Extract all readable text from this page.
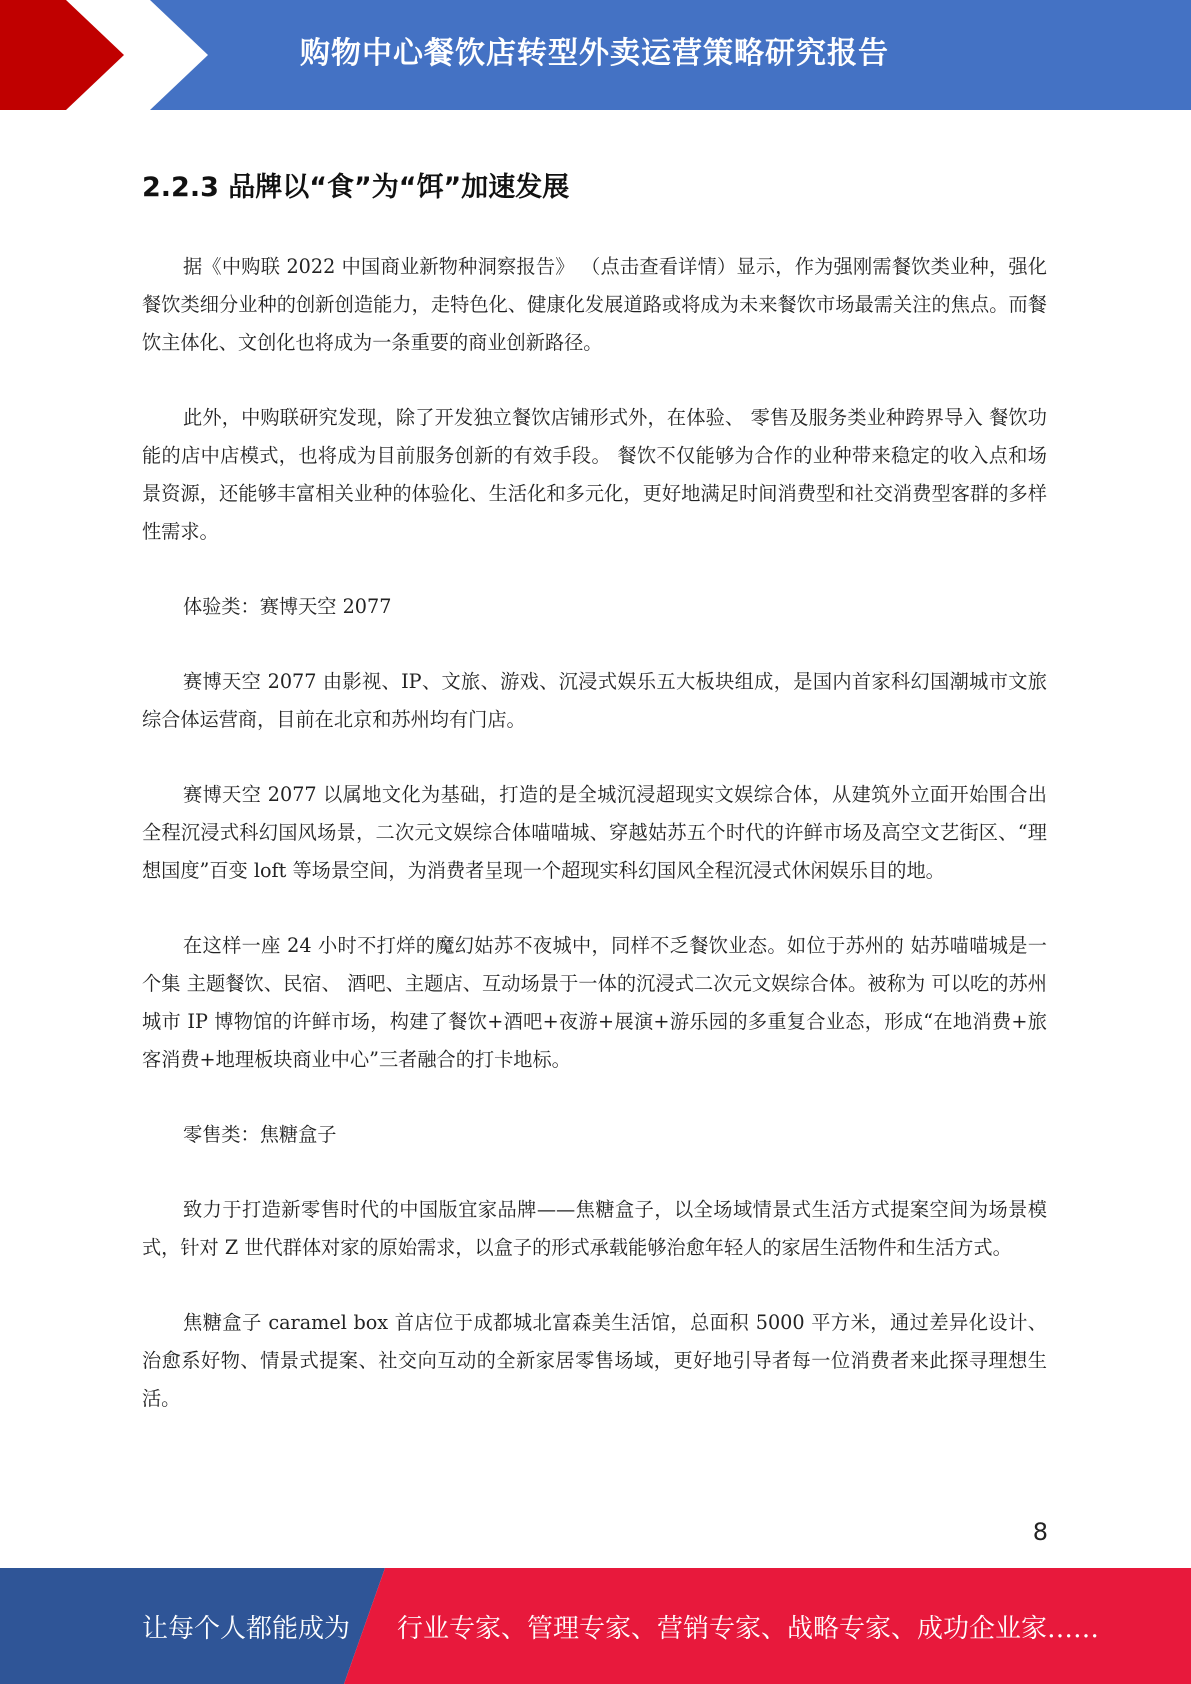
购物中心餐饮店转型外卖运营策略研究报告
2.2.3 品牌以“食”为“饵”加速发展

据《中购联 2022 中国商业新物种洞察报告》 （点击查看详情）显示，作为强刚需餐饮类业种，强化餐饮类细分业种的创新创造能力，走特色化、健康化发展道路或将成为未来餐饮市场最需关注的焦点。而餐饮主体化、文创化也将成为一条重要的商业创新路径。

此外，中购联研究发现，除了开发独立餐饮店铺形式外，在体验、 零售及服务类业种跨界导入 餐饮功能的店中店模式，也将成为目前服务创新的有效手段。 餐饮不仅能够为合作的业种带来稳定的收入点和场景资源，还能够丰富相关业种的体验化、生活化和多元化，更好地满足时间消费型和社交消费型客群的多样性需求。

体验类：赛博天空 2077

赛博天空 2077 由影视、IP、文旅、游戏、沉浸式娱乐五大板块组成，是国内首家科幻国潮城市文旅综合体运营商，目前在北京和苏州均有门店。

赛博天空 2077 以属地文化为基础，打造的是全城沉浸超现实文娱综合体，从建筑外立面开始围合出全程沉浸式科幻国风场景，二次元文娱综合体喵喵城、穿越姑苏五个时代的许鲜市场及高空文艺街区、“理想国度”百变 loft 等场景空间，为消费者呈现一个超现实科幻国风全程沉浸式休闲娱乐目的地。

在这样一座 24 小时不打烊的魔幻姑苏不夜城中，同样不乏餐饮业态。如位于苏州的 姑苏喵喵城是一个集 主题餐饮、民宿、 酒吧、主题店、互动场景于一体的沉浸式二次元文娱综合体。被称为 可以吃的苏州城市 IP 博物馆的许鲜市场，构建了餐饮+酒吧+夜游+展演+游乐园的多重复合业态，形成“在地消费+旅客消费+地理板块商业中心”三者融合的打卡地标。

零售类：焦糖盒子

致力于打造新零售时代的中国版宜家品牌——焦糖盒子，以全场域情景式生活方式提案空间为场景模式，针对 Z 世代群体对家的原始需求，以盒子的形式承载能够治愈年轻人的家居生活物件和生活方式。

焦糖盒子 caramel box 首店位于成都城北富森美生活馆，总面积 5000 平方米，通过差异化设计、治愈系好物、情景式提案、社交向互动的全新家居零售场域，更好地引导者每一位消费者来此探寻理想生活。

8
让每个人都能成为 行业专家、管理专家、营销专家、战略专家、成功企业家……
